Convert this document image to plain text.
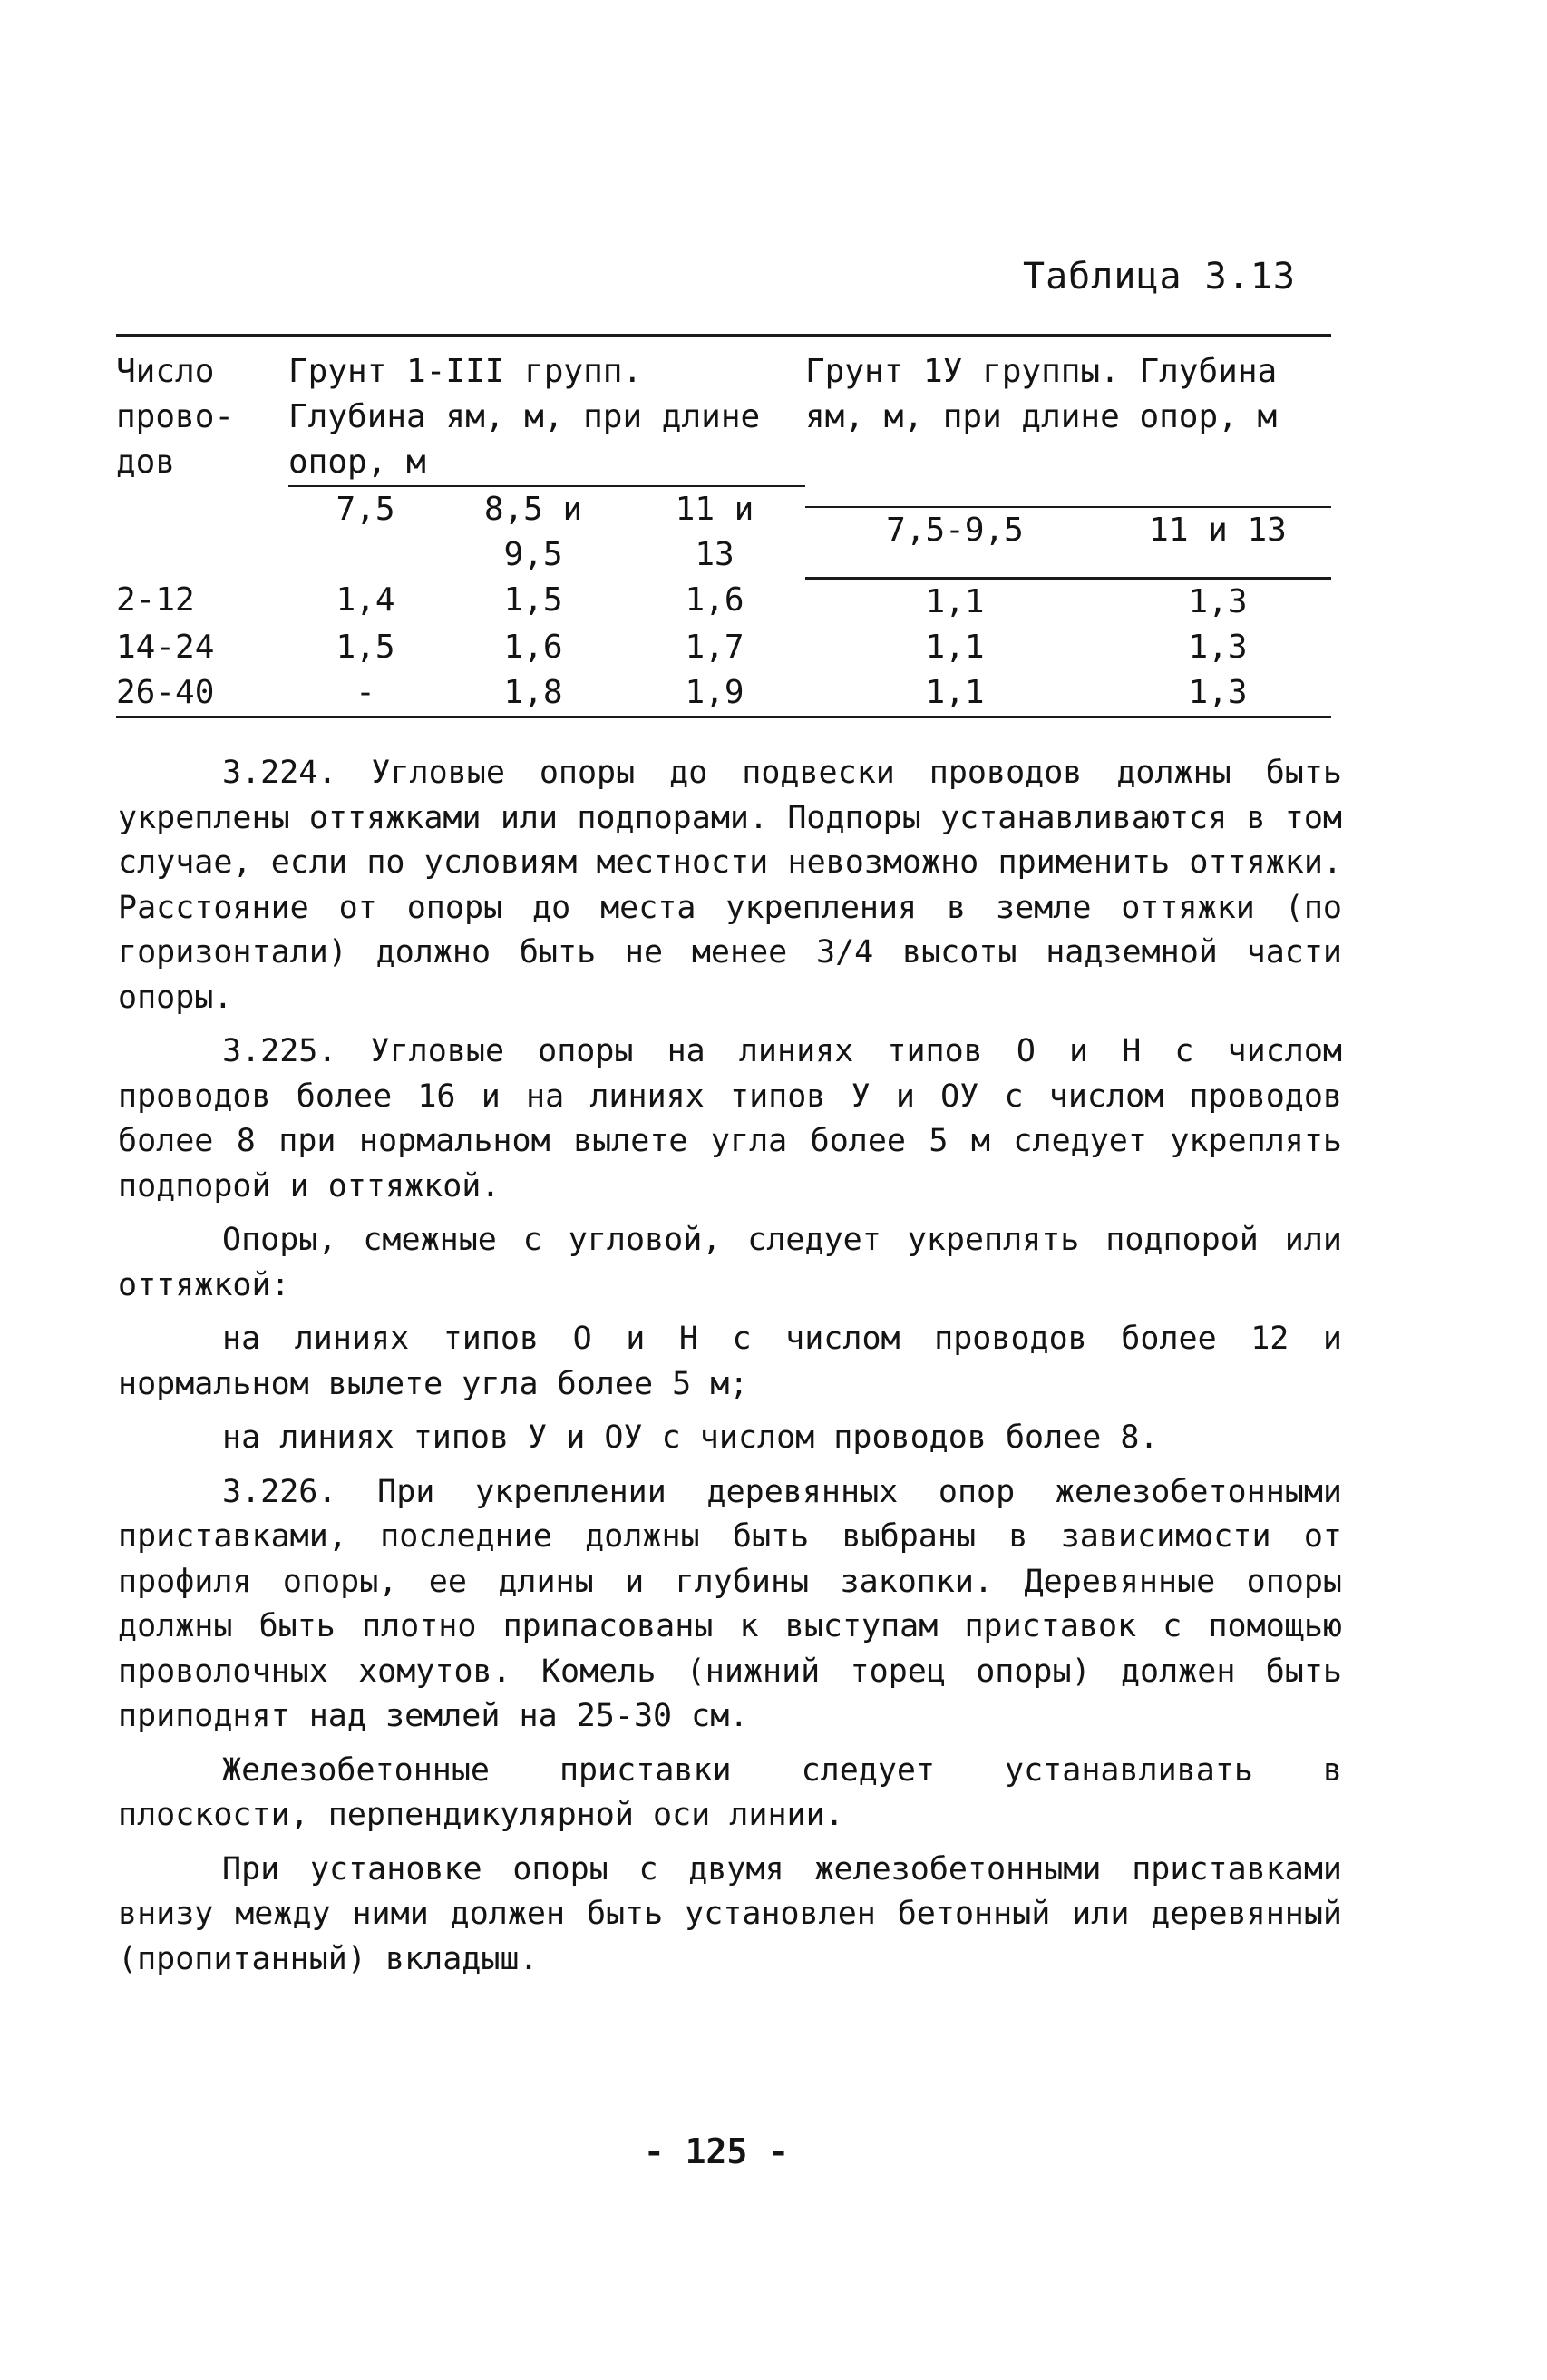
Таблица 3.13
Число прово-дов	Грунт 1-III групп. Глубина ям, м, при длине опор, м			Грунт 1У группы. Глубина ям, м, при длине опор, м	
	7,5	8,5 и 9,5	11 и 13		
				7,5-9,5	11 и 13
2-12	1,4	1,5	1,6	1,1	1,3
14-24	1,5	1,6	1,7	1,1	1,3
26-40	-	1,8	1,9	1,1	1,3

3.224. Угловые опоры до подвески проводов должны быть укреплены оттяжками или подпорами. Подпоры устанавливаются в том случае, если по условиям местности невозможно применить оттяжки. Расстояние от опоры до места укрепления в земле оттяжки (по горизонтали) должно быть не менее 3/4 высоты надземной части опоры.

3.225. Угловые опоры на линиях типов О и Н с числом проводов более 16 и на линиях типов У и ОУ с числом проводов более 8 при нормальном вылете угла более 5 м следует укреплять подпорой и оттяжкой.

Опоры, смежные с угловой, следует укреплять подпорой или оттяжкой:

на линиях типов О и Н с числом проводов более 12 и нормальном вылете угла более 5 м;

на линиях типов У и ОУ с числом проводов более 8.

3.226. При укреплении деревянных опор железобетонными приставками, последние должны быть выбраны в зависимости от профиля опоры, ее длины и глубины закопки. Деревянные опоры должны быть плотно припасованы к выступам приставок с помощью проволочных хомутов. Комель (нижний торец опоры) должен быть приподнят над землей на 25-30 см.

Железобетонные приставки следует устанавливать в плоскости, перпендикулярной оси линии.

При установке опоры с двумя железобетонными приставками внизу между ними должен быть установлен бетонный или деревянный (пропитанный) вкладыш.

- 125 -
